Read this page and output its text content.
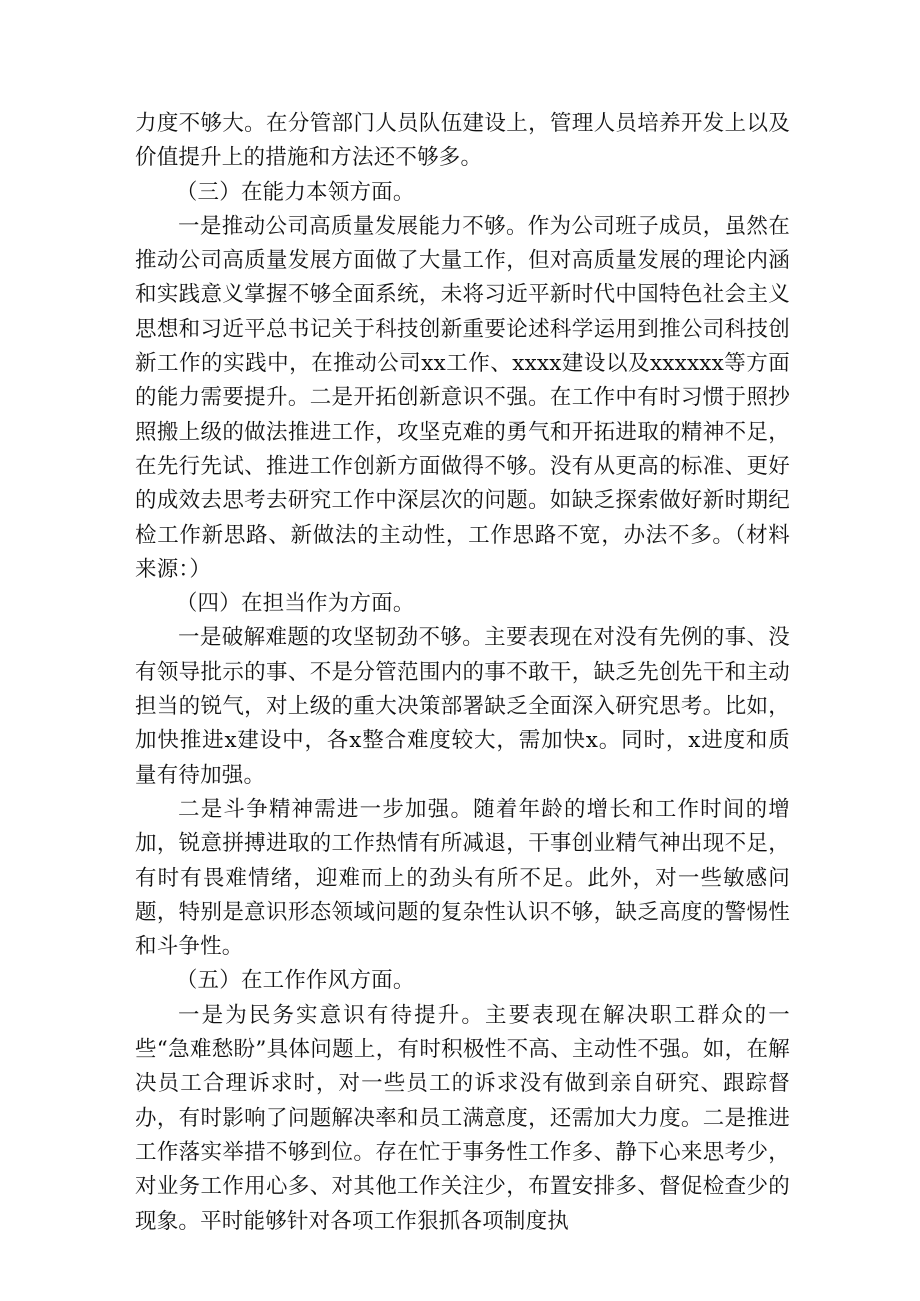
力度不够大。在分管部门人员队伍建设上，管理人员培养开发上以及价值提升上的措施和方法还不够多。

（三）在能力本领方面。

一是推动公司高质量发展能力不够。作为公司班子成员，虽然在推动公司高质量发展方面做了大量工作，但对高质量发展的理论内涵和实践意义掌握不够全面系统，未将习近平新时代中国特色社会主义思想和习近平总书记关于科技创新重要论述科学运用到推公司科技创新工作的实践中，在推动公司xx工作、xxxx建设以及xxxxxx等方面的能力需要提升。二是开拓创新意识不强。在工作中有时习惯于照抄照搬上级的做法推进工作，攻坚克难的勇气和开拓进取的精神不足，在先行先试、推进工作创新方面做得不够。没有从更高的标准、更好的成效去思考去研究工作中深层次的问题。如缺乏探索做好新时期纪检工作新思路、新做法的主动性，工作思路不宽，办法不多。（材料来源：）

（四）在担当作为方面。

一是破解难题的攻坚韧劲不够。主要表现在对没有先例的事、没有领导批示的事、不是分管范围内的事不敢干，缺乏先创先干和主动担当的锐气，对上级的重大决策部署缺乏全面深入研究思考。比如，加快推进x建设中，各x整合难度较大，需加快x。同时，x进度和质量有待加强。

二是斗争精神需进一步加强。随着年龄的增长和工作时间的增加，锐意拼搏进取的工作热情有所减退，干事创业精气神出现不足，有时有畏难情绪，迎难而上的劲头有所不足。此外，对一些敏感问题，特别是意识形态领域问题的复杂性认识不够，缺乏高度的警惕性和斗争性。

（五）在工作作风方面。

一是为民务实意识有待提升。主要表现在解决职工群众的一些“急难愁盼”具体问题上，有时积极性不高、主动性不强。如，在解决员工合理诉求时，对一些员工的诉求没有做到亲自研究、跟踪督办，有时影响了问题解决率和员工满意度，还需加大力度。二是推进工作落实举措不够到位。存在忙于事务性工作多、静下心来思考少，对业务工作用心多、对其他工作关注少，布置安排多、督促检查少的现象。平时能够针对各项工作狠抓各项制度执
